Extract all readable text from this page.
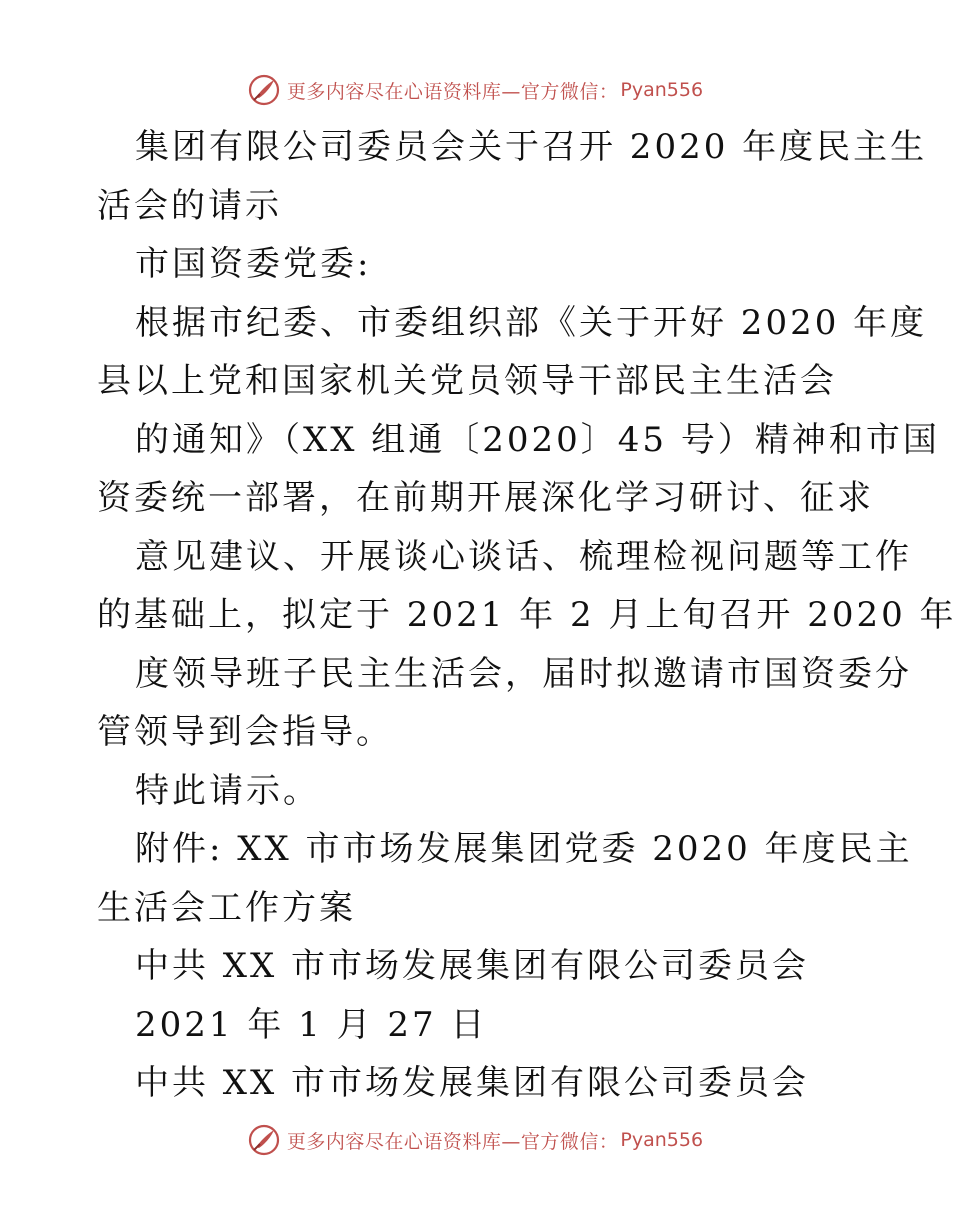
更多内容尽在心语资料库—官方微信： Pyan556
集团有限公司委员会关于召开 2020 年度民主生
活会的请示
市国资委党委:
根据市纪委、市委组织部《关于开好 2020 年度
县以上党和国家机关党员领导干部民主生活会
的通知》（XX 组通〔2020〕45 号）精神和市国
资委统一部署，在前期开展深化学习研讨、征求
意见建议、开展谈心谈话、梳理检视问题等工作
的基础上，拟定于 2021 年 2 月上旬召开 2020 年
度领导班子民主生活会，届时拟邀请市国资委分
管领导到会指导。
特此请示。
附件: XX 市市场发展集团党委 2020 年度民主
生活会工作方案
中共 XX 市市场发展集团有限公司委员会
2021 年 1 月 27 日
中共 XX 市市场发展集团有限公司委员会
更多内容尽在心语资料库—官方微信： Pyan556
